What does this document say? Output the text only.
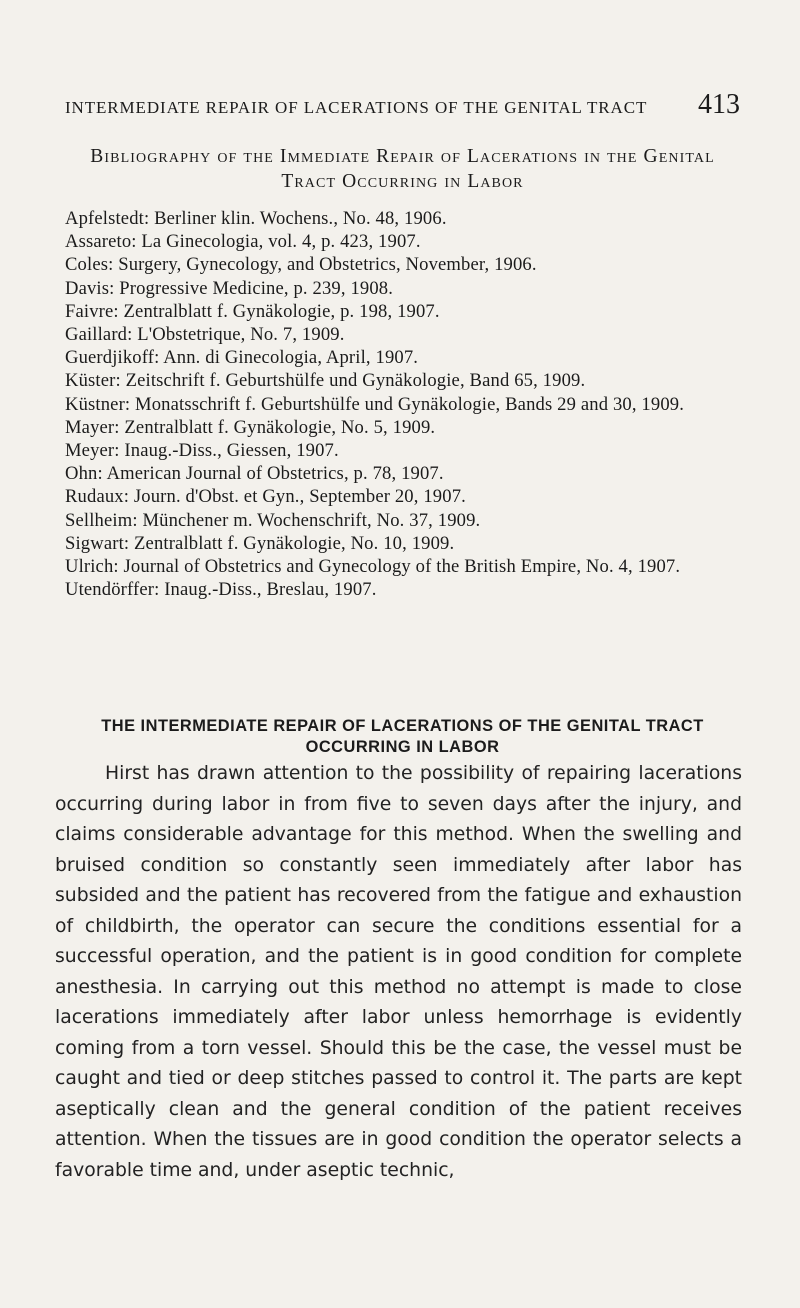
INTERMEDIATE REPAIR OF LACERATIONS OF THE GENITAL TRACT 413
Bibliography of the Immediate Repair of Lacerations in the Genital Tract Occurring in Labor
Apfelstedt: Berliner klin. Wochens., No. 48, 1906.
Assareto: La Ginecologia, vol. 4, p. 423, 1907.
Coles: Surgery, Gynecology, and Obstetrics, November, 1906.
Davis: Progressive Medicine, p. 239, 1908.
Faivre: Zentralblatt f. Gynäkologie, p. 198, 1907.
Gaillard: L'Obstetrique, No. 7, 1909.
Guerdjikoff: Ann. di Ginecologia, April, 1907.
Küster: Zeitschrift f. Geburtshülfe und Gynäkologie, Band 65, 1909.
Küstner: Monatsschrift f. Geburtshülfe und Gynäkologie, Bands 29 and 30, 1909.
Mayer: Zentralblatt f. Gynäkologie, No. 5, 1909.
Meyer: Inaug.-Diss., Giessen, 1907.
Ohn: American Journal of Obstetrics, p. 78, 1907.
Rudaux: Journ. d'Obst. et Gyn., September 20, 1907.
Sellheim: Münchener m. Wochenschrift, No. 37, 1909.
Sigwart: Zentralblatt f. Gynäkologie, No. 10, 1909.
Ulrich: Journal of Obstetrics and Gynecology of the British Empire, No. 4, 1907.
Utendörffer: Inaug.-Diss., Breslau, 1907.
THE INTERMEDIATE REPAIR OF LACERATIONS OF THE GENITAL TRACT OCCURRING IN LABOR

Hirst has drawn attention to the possibility of repairing lacerations occurring during labor in from five to seven days after the injury, and claims considerable advantage for this method. When the swelling and bruised condition so constantly seen immediately after labor has subsided and the patient has recovered from the fatigue and exhaustion of childbirth, the operator can secure the conditions essential for a successful operation, and the patient is in good condition for complete anesthesia. In carrying out this method no attempt is made to close lacerations immediately after labor unless hemorrhage is evidently coming from a torn vessel. Should this be the case, the vessel must be caught and tied or deep stitches passed to control it. The parts are kept aseptically clean and the general condition of the patient receives attention. When the tissues are in good condition the operator selects a favorable time and, under aseptic technic,
